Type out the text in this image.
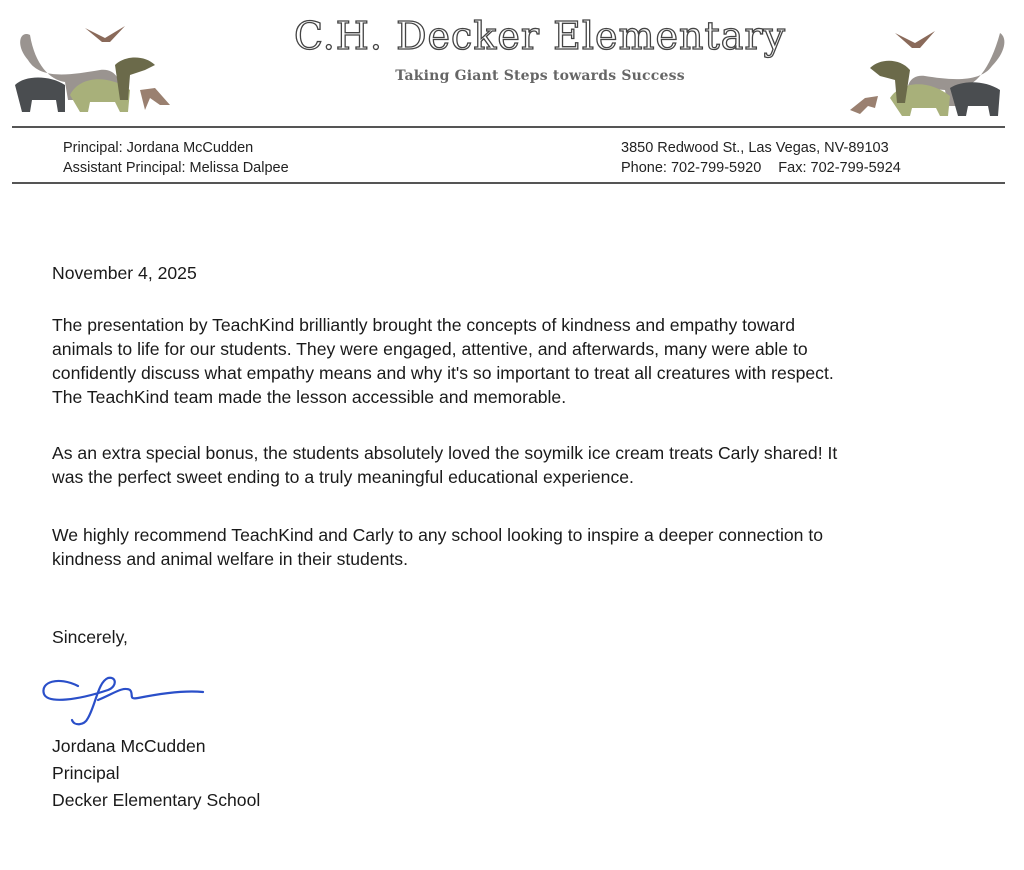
C.H. Decker Elementary
Taking Giant Steps towards Success
Principal: Jordana McCudden
Assistant Principal: Melissa Dalpee
3850 Redwood St., Las Vegas, NV-89103
Phone: 702-799-5920 Fax: 702-799-5924
November 4, 2025
The presentation by TeachKind brilliantly brought the concepts of kindness and empathy toward
animals to life for our students. They were engaged, attentive, and afterwards, many were able to
confidently discuss what empathy means and why it's so important to treat all creatures with respect.
The TeachKind team made the lesson accessible and memorable.
As an extra special bonus, the students absolutely loved the soymilk ice cream treats Carly shared! It
was the perfect sweet ending to a truly meaningful educational experience.
We highly recommend TeachKind and Carly to any school looking to inspire a deeper connection to
kindness and animal welfare in their students.
Sincerely,
Jordana McCudden
Principal
Decker Elementary School
